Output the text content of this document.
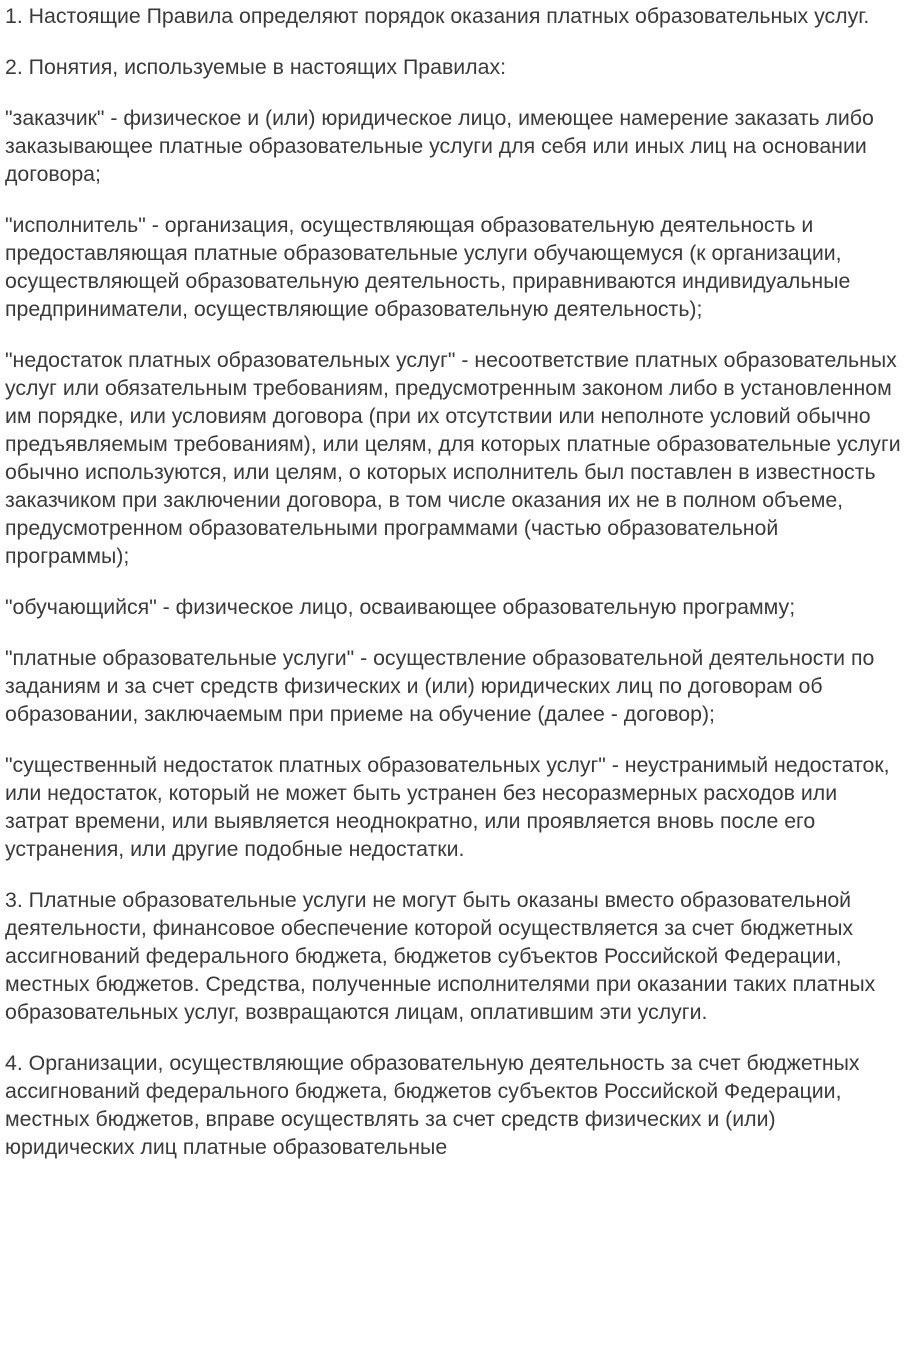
1. Настоящие Правила определяют порядок оказания платных образовательных услуг.

2. Понятия, используемые в настоящих Правилах:

"заказчик" - физическое и (или) юридическое лицо, имеющее намерение заказать либо заказывающее платные образовательные услуги для себя или иных лиц на основании договора;

"исполнитель" - организация, осуществляющая образовательную деятельность и предоставляющая платные образовательные услуги обучающемуся (к организации, осуществляющей образовательную деятельность, приравниваются индивидуальные предприниматели, осуществляющие образовательную деятельность);

"недостаток платных образовательных услуг" - несоответствие платных образовательных услуг или обязательным требованиям, предусмотренным законом либо в установленном им порядке, или условиям договора (при их отсутствии или неполноте условий обычно предъявляемым требованиям), или целям, для которых платные образовательные услуги обычно используются, или целям, о которых исполнитель был поставлен в известность заказчиком при заключении договора, в том числе оказания их не в полном объеме, предусмотренном образовательными программами (частью образовательной программы);

"обучающийся" - физическое лицо, осваивающее образовательную программу;

"платные образовательные услуги" - осуществление образовательной деятельности по заданиям и за счет средств физических и (или) юридических лиц по договорам об образовании, заключаемым при приеме на обучение (далее - договор);

"существенный недостаток платных образовательных услуг" - неустранимый недостаток, или недостаток, который не может быть устранен без несоразмерных расходов или затрат времени, или выявляется неоднократно, или проявляется вновь после его устранения, или другие подобные недостатки.

3. Платные образовательные услуги не могут быть оказаны вместо образовательной деятельности, финансовое обеспечение которой осуществляется за счет бюджетных ассигнований федерального бюджета, бюджетов субъектов Российской Федерации, местных бюджетов. Средства, полученные исполнителями при оказании таких платных образовательных услуг, возвращаются лицам, оплатившим эти услуги.

4. Организации, осуществляющие образовательную деятельность за счет бюджетных ассигнований федерального бюджета, бюджетов субъектов Российской Федерации, местных бюджетов, вправе осуществлять за счет средств физических и (или) юридических лиц платные образовательные
